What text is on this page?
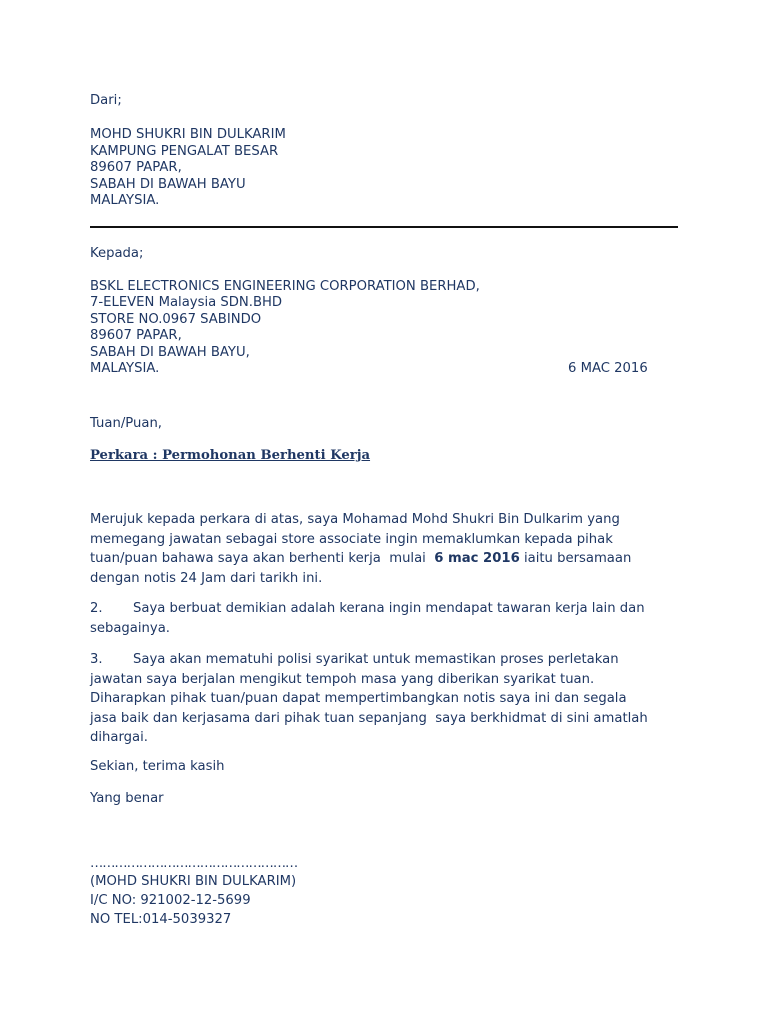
Dari;
MOHD SHUKRI BIN DULKARIM
KAMPUNG PENGALAT BESAR
89607 PAPAR,
SABAH DI BAWAH BAYU
MALAYSIA.
Kepada;
BSKL ELECTRONICS ENGINEERING CORPORATION BERHAD,
7-ELEVEN Malaysia SDN.BHD
STORE NO.0967 SABINDO
89607 PAPAR,
SABAH DI BAWAH BAYU,
MALAYSIA.	6 MAC 2016
Tuan/Puan,
Perkara : Permohonan Berhenti Kerja
Merujuk kepada perkara di atas, saya Mohamad Mohd Shukri Bin Dulkarim yang
memegang jawatan sebagai store associate ingin memaklumkan kepada pihak
tuan/puan bahawa saya akan berhenti kerja  mulai  6 mac 2016 iaitu bersamaan
dengan notis 24 Jam dari tarikh ini.
2. Saya berbuat demikian adalah kerana ingin mendapat tawaran kerja lain dan
sebagainya.
3. Saya akan mematuhi polisi syarikat untuk memastikan proses perletakan
jawatan saya berjalan mengikut tempoh masa yang diberikan syarikat tuan.
Diharapkan pihak tuan/puan dapat mempertimbangkan notis saya ini dan segala
jasa baik dan kerjasama dari pihak tuan sepanjang  saya berkhidmat di sini amatlah
dihargai.
Sekian, terima kasih
Yang benar
……………………………………………
(MOHD SHUKRI BIN DULKARIM)
I/C NO: 921002-12-5699
NO TEL:014-5039327
